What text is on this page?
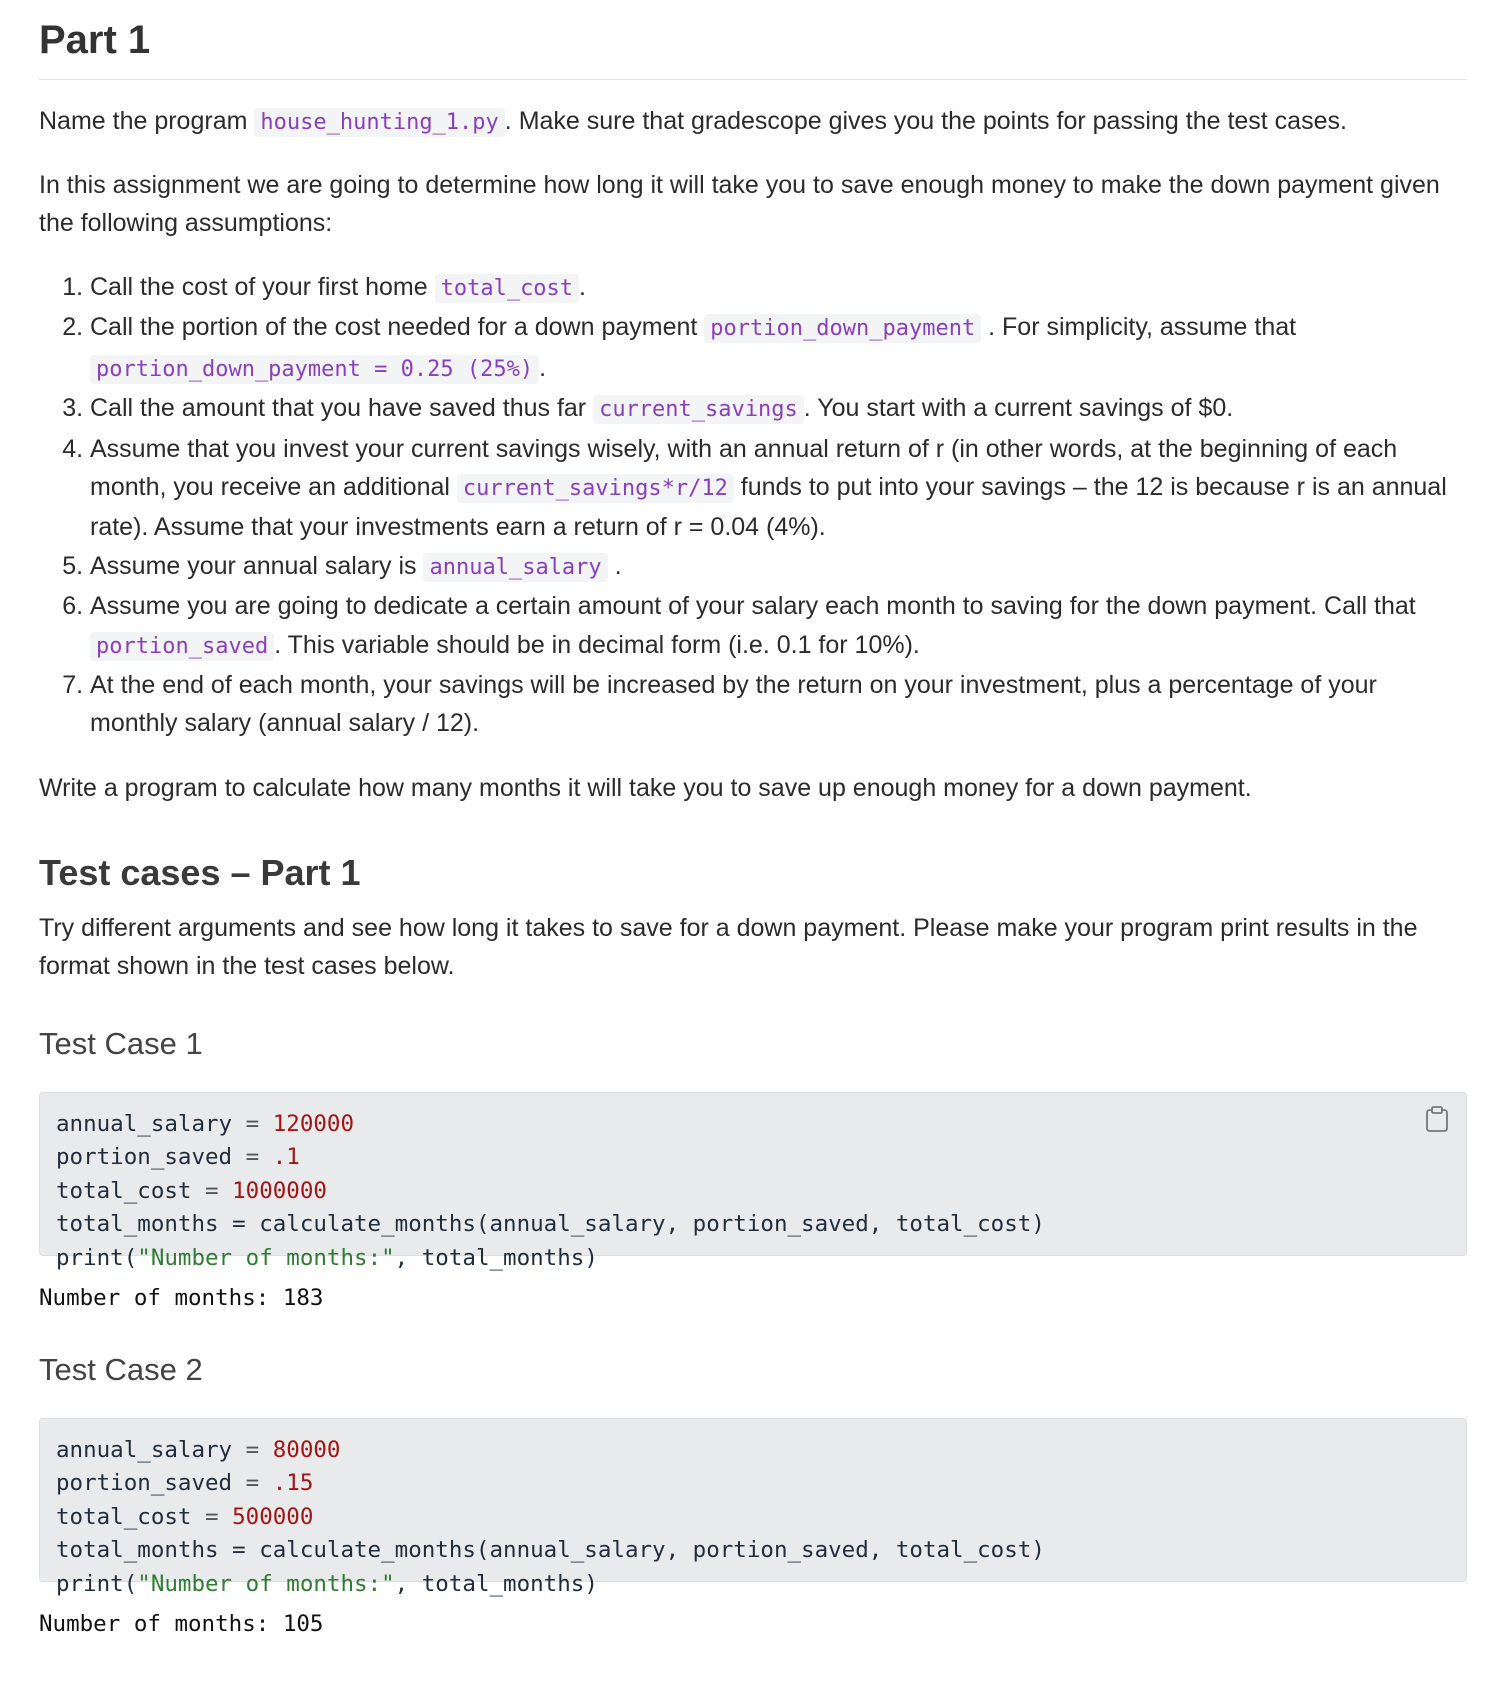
Part 1

Name the program house_hunting_1.py . Make sure that gradescope gives you the points for passing the test cases.

In this assignment we are going to determine how long it will take you to save enough money to make the down payment given the following assumptions:

1. Call the cost of your first home total_cost .
2. Call the portion of the cost needed for a down payment portion_down_payment . For simplicity, assume that portion_down_payment = 0.25 (25%) .
3. Call the amount that you have saved thus far current_savings . You start with a current savings of $0.
4. Assume that you invest your current savings wisely, with an annual return of r (in other words, at the beginning of each month, you receive an additional current_savings*r/12 funds to put into your savings – the 12 is because r is an annual rate). Assume that your investments earn a return of r = 0.04 (4%).
5. Assume your annual salary is annual_salary .
6. Assume you are going to dedicate a certain amount of your salary each month to saving for the down payment. Call that portion_saved . This variable should be in decimal form (i.e. 0.1 for 10%).
7. At the end of each month, your savings will be increased by the return on your investment, plus a percentage of your monthly salary (annual salary / 12).

Write a program to calculate how many months it will take you to save up enough money for a down payment.

Test cases – Part 1

Try different arguments and see how long it takes to save for a down payment. Please make your program print results in the format shown in the test cases below.

Test Case 1
annual_salary = 120000
portion_saved = .1
total_cost = 1000000
total_months = calculate_months(annual_salary, portion_saved, total_cost)
print("Number of months:", total_months)
Number of months: 183
Test Case 2
annual_salary = 80000
portion_saved = .15
total_cost = 500000
total_months = calculate_months(annual_salary, portion_saved, total_cost)
print("Number of months:", total_months)
Number of months: 105
